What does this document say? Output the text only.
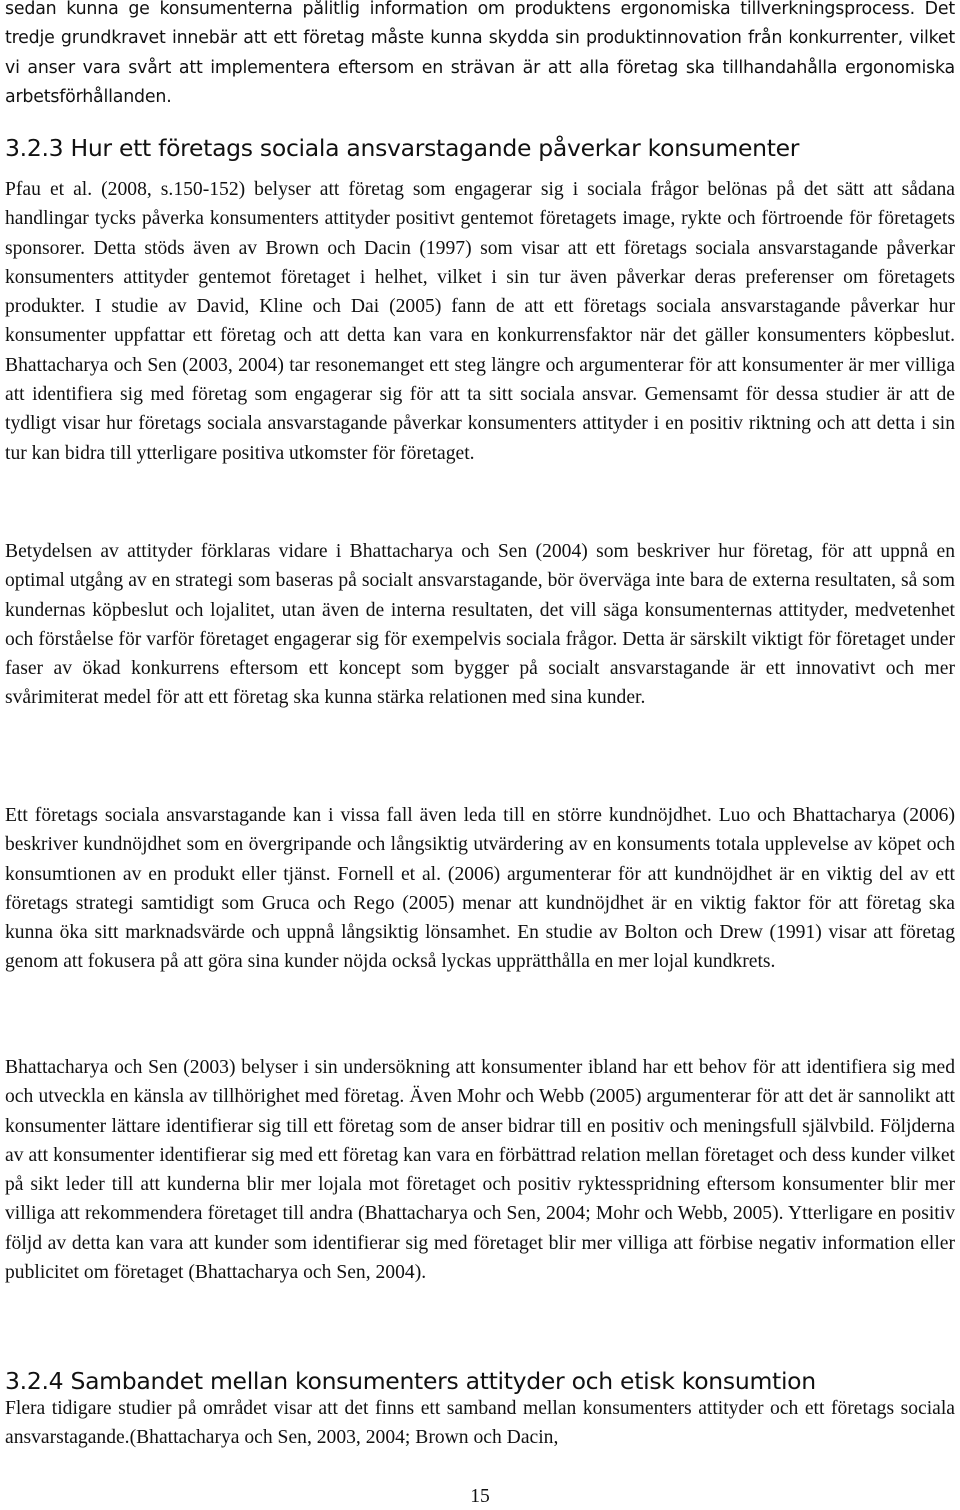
sedan kunna ge konsumenterna pålitlig information om produktens ergonomiska tillverkningsprocess. Det tredje grundkravet innebär att ett företag måste kunna skydda sin produktinnovation från konkurrenter, vilket vi anser vara svårt att implementera eftersom en strävan är att alla företag ska tillhandahålla ergonomiska arbetsförhållanden.

3.2.3 Hur ett företags sociala ansvarstagande påverkar konsumenter

Pfau et al. (2008, s.150-152) belyser att företag som engagerar sig i sociala frågor belönas på det sätt att sådana handlingar tycks påverka konsumenters attityder positivt gentemot företagets image, rykte och förtroende för företagets sponsorer. Detta stöds även av Brown och Dacin (1997) som visar att ett företags sociala ansvarstagande påverkar konsumenters attityder gentemot företaget i helhet, vilket i sin tur även påverkar deras preferenser om företagets produkter. I studie av David, Kline och Dai (2005) fann de att ett företags sociala ansvarstagande påverkar hur konsumenter uppfattar ett företag och att detta kan vara en konkurrensfaktor när det gäller konsumenters köpbeslut. Bhattacharya och Sen (2003, 2004) tar resonemanget ett steg längre och argumenterar för att konsumenter är mer villiga att identifiera sig med företag som engagerar sig för att ta sitt sociala ansvar. Gemensamt för dessa studier är att de tydligt visar hur företags sociala ansvarstagande påverkar konsumenters attityder i en positiv riktning och att detta i sin tur kan bidra till ytterligare positiva utkomster för företaget.

Betydelsen av attityder förklaras vidare i Bhattacharya och Sen (2004) som beskriver hur företag, för att uppnå en optimal utgång av en strategi som baseras på socialt ansvarstagande, bör överväga inte bara de externa resultaten, så som kundernas köpbeslut och lojalitet, utan även de interna resultaten, det vill säga konsumenternas attityder, medvetenhet och förståelse för varför företaget engagerar sig för exempelvis sociala frågor. Detta är särskilt viktigt för företaget under faser av ökad konkurrens eftersom ett koncept som bygger på socialt ansvarstagande är ett innovativt och mer svårimiterat medel för att ett företag ska kunna stärka relationen med sina kunder.

Ett företags sociala ansvarstagande kan i vissa fall även leda till en större kundnöjdhet. Luo och Bhattacharya (2006) beskriver kundnöjdhet som en övergripande och långsiktig utvärdering av en konsuments totala upplevelse av köpet och konsumtionen av en produkt eller tjänst. Fornell et al. (2006) argumenterar för att kundnöjdhet är en viktig del av ett företags strategi samtidigt som Gruca och Rego (2005) menar att kundnöjdhet är en viktig faktor för att företag ska kunna öka sitt marknadsvärde och uppnå långsiktig lönsamhet. En studie av Bolton och Drew (1991) visar att företag genom att fokusera på att göra sina kunder nöjda också lyckas upprätthålla en mer lojal kundkrets.

Bhattacharya och Sen (2003) belyser i sin undersökning att konsumenter ibland har ett behov för att identifiera sig med och utveckla en känsla av tillhörighet med företag. Även Mohr och Webb (2005) argumenterar för att det är sannolikt att konsumenter lättare identifierar sig till ett företag som de anser bidrar till en positiv och meningsfull självbild. Följderna av att konsumenter identifierar sig med ett företag kan vara en förbättrad relation mellan företaget och dess kunder vilket på sikt leder till att kunderna blir mer lojala mot företaget och positiv ryktesspridning eftersom konsumenter blir mer villiga att rekommendera företaget till andra (Bhattacharya och Sen, 2004; Mohr och Webb, 2005). Ytterligare en positiv följd av detta kan vara att kunder som identifierar sig med företaget blir mer villiga att förbise negativ information eller publicitet om företaget (Bhattacharya och Sen, 2004).

3.2.4 Sambandet mellan konsumenters attityder och etisk konsumtion

Flera tidigare studier på området visar att det finns ett samband mellan konsumenters attityder och ett företags sociala ansvarstagande.(Bhattacharya och Sen, 2003, 2004; Brown och Dacin,

15
